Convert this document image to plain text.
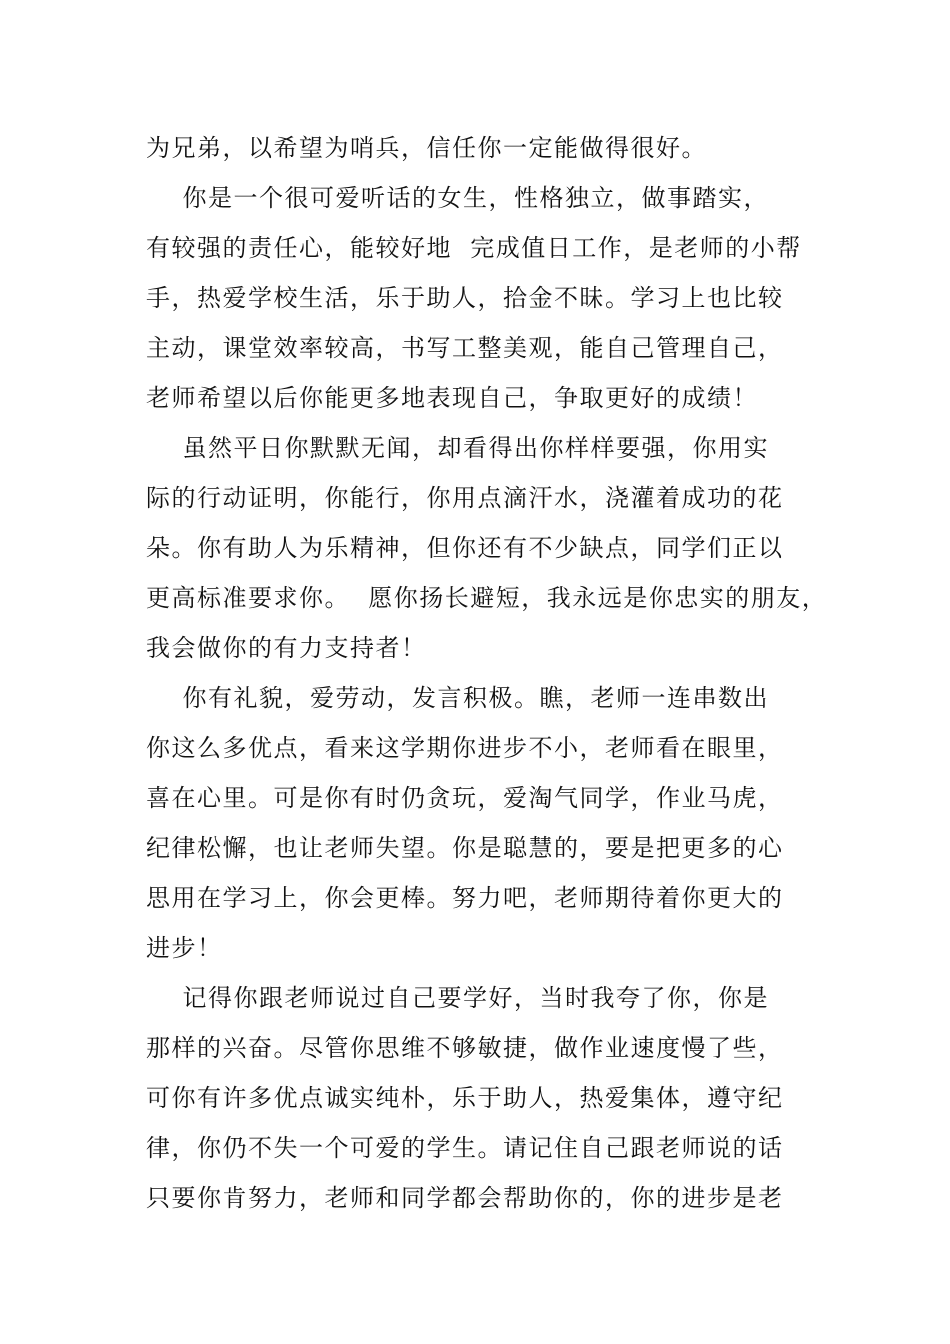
为兄弟，以希望为哨兵，信任你一定能做得很好。
你是一个很可爱听话的女生，性格独立，做事踏实，
有较强的责任心，能较好地  完成值日工作，是老师的小帮
手，热爱学校生活，乐于助人，拾金不昧。学习上也比较
主动，课堂效率较高，书写工整美观，能自己管理自己，
老师希望以后你能更多地表现自己，争取更好的成绩！
虽然平日你默默无闻，却看得出你样样要强，你用实
际的行动证明，你能行，你用点滴汗水，浇灌着成功的花
朵。你有助人为乐精神，但你还有不少缺点，同学们正以
更高标准要求你。  愿你扬长避短，我永远是你忠实的朋友，
我会做你的有力支持者！
你有礼貌，爱劳动，发言积极。瞧，老师一连串数出
你这么多优点，看来这学期你进步不小，老师看在眼里，
喜在心里。可是你有时仍贪玩，爱淘气同学，作业马虎，
纪律松懈，也让老师失望。你是聪慧的，要是把更多的心
思用在学习上，你会更棒。努力吧，老师期待着你更大的
进步！
记得你跟老师说过自己要学好，当时我夸了你，你是
那样的兴奋。尽管你思维不够敏捷，做作业速度慢了些，
可你有许多优点诚实纯朴，乐于助人，热爱集体，遵守纪
律，你仍不失一个可爱的学生。请记住自己跟老师说的话
只要你肯努力，老师和同学都会帮助你的，你的进步是老
